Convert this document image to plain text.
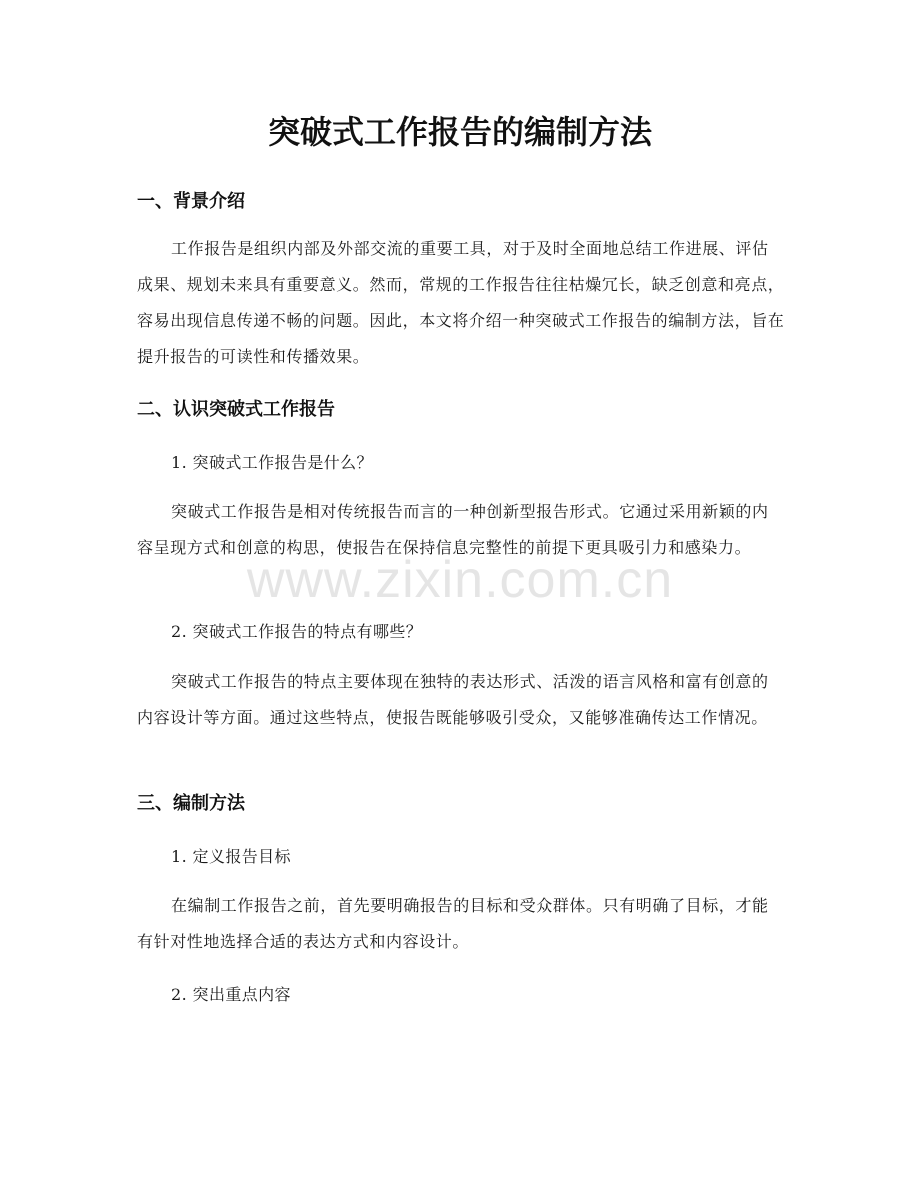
突破式工作报告的编制方法
一、背景介绍

工作报告是组织内部及外部交流的重要工具，对于及时全面地总结工作进展、评估成果、规划未来具有重要意义。然而，常规的工作报告往往枯燥冗长，缺乏创意和亮点，容易出现信息传递不畅的问题。因此，本文将介绍一种突破式工作报告的编制方法，旨在提升报告的可读性和传播效果。

二、认识突破式工作报告

1. 突破式工作报告是什么？

突破式工作报告是相对传统报告而言的一种创新型报告形式。它通过采用新颖的内容呈现方式和创意的构思，使报告在保持信息完整性的前提下更具吸引力和感染力。

2. 突破式工作报告的特点有哪些？

突破式工作报告的特点主要体现在独特的表达形式、活泼的语言风格和富有创意的内容设计等方面。通过这些特点，使报告既能够吸引受众，又能够准确传达工作情况。

三、编制方法

1. 定义报告目标

在编制工作报告之前，首先要明确报告的目标和受众群体。只有明确了目标，才能有针对性地选择合适的表达方式和内容设计。

2. 突出重点内容

www.zixin.com.cn
